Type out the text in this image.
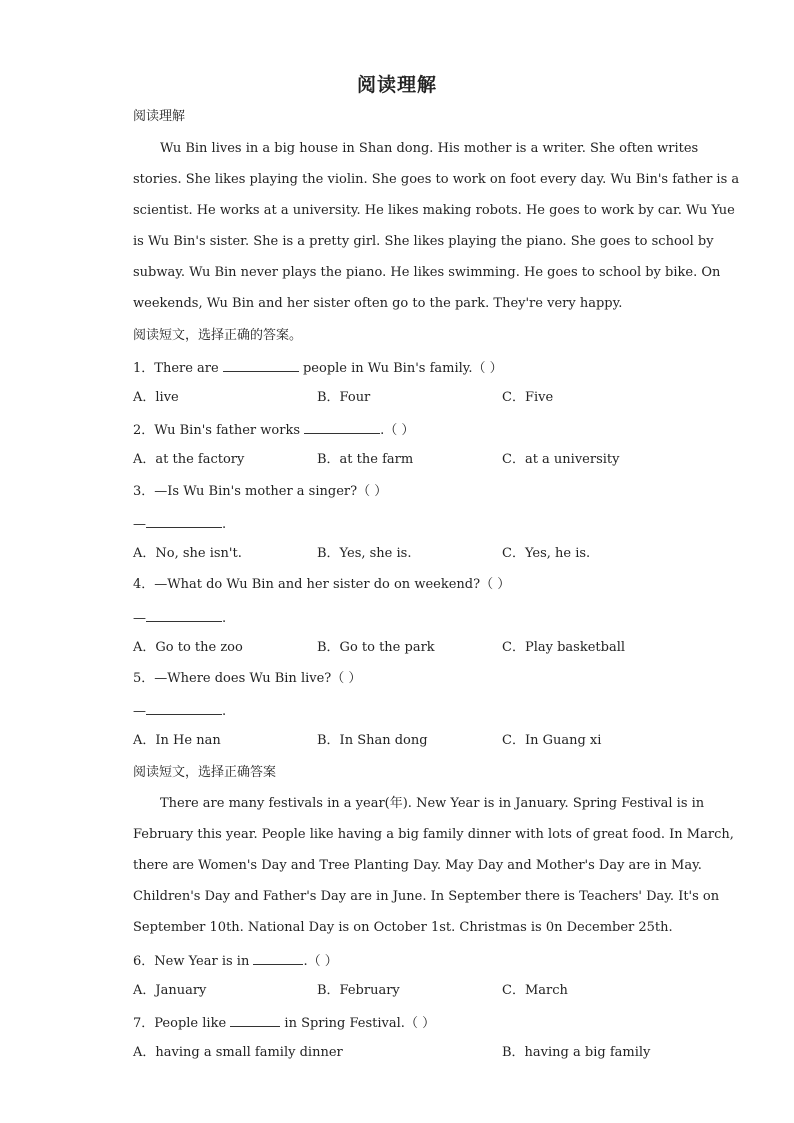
阅读理解
阅读理解
Wu Bin lives in a big house in Shan dong. His mother is a writer. She often writes
stories. She likes playing the violin. She goes to work on foot every day. Wu Bin's father is a
scientist. He works at a university. He likes making robots. He goes to work by car. Wu Yue
is Wu Bin's sister. She is a pretty girl. She likes playing the piano. She goes to school by
subway. Wu Bin never plays the piano. He likes swimming. He goes to school by bike. On
weekends, Wu Bin and her sister often go to the park. They're very happy.
阅读短文，选择正确的答案。
1．There are	people in Wu Bin's family.（ ）
A．live	B．Four	C．Five
2．Wu Bin's father works	.（ ）
A．at the factory	B．at the farm	C．at a university
3．—Is Wu Bin's mother a singer?（ ）
—	.
A．No, she isn't.	B．Yes, she is.	C．Yes, he is.
4．—What do Wu Bin and her sister do on weekend?（ ）
—	.
A．Go to the zoo	B．Go to the park	C．Play basketball
5．—Where does Wu Bin live?（ ）
—	.
A．In He nan	B．In Shan dong	C．In Guang xi
阅读短文，选择正确答案
There are many festivals in a year(年). New Year is in January. Spring Festival is in
February this year. People like having a big family dinner with lots of great food. In March,
there are Women's Day and Tree Planting Day. May Day and Mother's Day are in May.
Children's Day and Father's Day are in June. In September there is Teachers' Day. It's on
September 10th. National Day is on October 1st. Christmas is 0n December 25th.
6．New Year is in	.（ ）
A．January	B．February	C．March
7．People like	in Spring Festival.（ ）
A．having a small family dinner	B．having a big family
